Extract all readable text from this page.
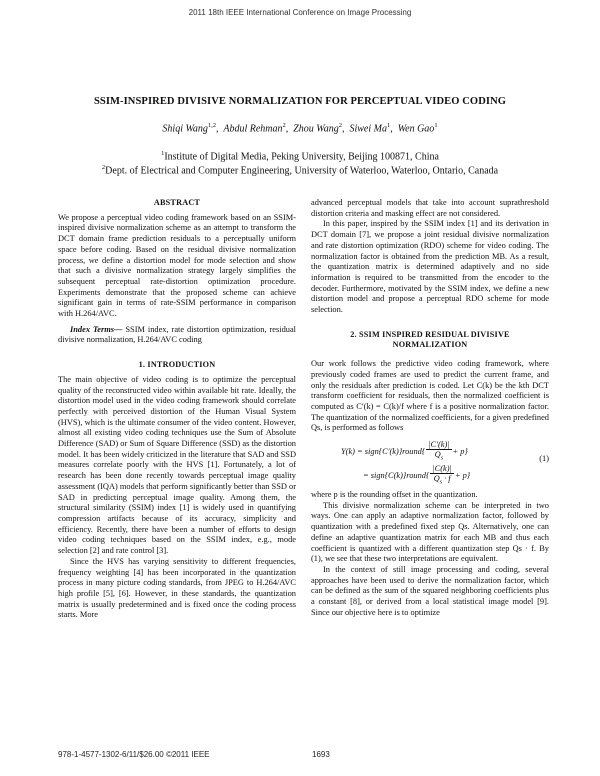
2011 18th IEEE International Conference on Image Processing
SSIM-INSPIRED DIVISIVE NORMALIZATION FOR PERCEPTUAL VIDEO CODING
Shiqi Wang$^{1,2}$,  Abdul Rehman$^2$,  Zhou Wang$^2$,  Siwei Ma$^1$,  Wen Gao$^1$
$^1$Institute of Digital Media, Peking University, Beijing 100871, China
$^2$Dept. of Electrical and Computer Engineering, University of Waterloo, Waterloo, Ontario, Canada
ABSTRACT

We propose a perceptual video coding framework based on an SSIM-inspired divisive normalization scheme as an attempt to transform the DCT domain frame prediction residuals to a perceptually uniform space before coding. Based on the residual divisive normalization process, we define a distortion model for mode selection and show that such a divisive normalization strategy largely simplifies the subsequent perceptual rate-distortion optimization procedure. Experiments demonstrate that the proposed scheme can achieve significant gain in terms of rate-SSIM performance in comparison with H.264/AVC.

Index Terms— SSIM index, rate distortion optimization, residual divisive normalization, H.264/AVC coding

1. INTRODUCTION

The main objective of video coding is to optimize the perceptual quality of the reconstructed video within available bit rate. Ideally, the distortion model used in the video coding framework should correlate perfectly with perceived distortion of the Human Visual System (HVS), which is the ultimate consumer of the video content. However, almost all existing video coding techniques use the Sum of Absolute Difference (SAD) or Sum of Square Difference (SSD) as the distortion model. It has been widely criticized in the literature that SAD and SSD measures correlate poorly with the HVS [1]. Fortunately, a lot of research has been done recently towards perceptual image quality assessment (IQA) models that perform significantly better than SSD or SAD in predicting perceptual image quality. Among them, the structural similarity (SSIM) index [1] is widely used in quantifying compression artifacts because of its accuracy, simplicity and efficiency. Recently, there have been a number of efforts to design video coding techniques based on the SSIM index, e.g., mode selection [2] and rate control [3].

Since the HVS has varying sensitivity to different frequencies, frequency weighting [4] has been incorporated in the quantization process in many picture coding standards, from JPEG to H.264/AVC high profile [5], [6]. However, in these standards, the quantization matrix is usually predetermined and is fixed once the coding process starts. More

advanced perceptual models that take into account suprathreshold distortion criteria and masking effect are not considered.

In this paper, inspired by the SSIM index [1] and its derivation in DCT domain [7], we propose a joint residual divisive normalization and rate distortion optimization (RDO) scheme for video coding. The normalization factor is obtained from the prediction MB. As a result, the quantization matrix is determined adaptively and no side information is required to be transmitted from the encoder to the decoder. Furthermore, motivated by the SSIM index, we define a new distortion model and propose a perceptual RDO scheme for mode selection.

2. SSIM INSPIRED RESIDUAL DIVISIVE
NORMALIZATION

Our work follows the predictive video coding framework, where previously coded frames are used to predict the current frame, and only the residuals after prediction is coded. Let C(k) be the kth DCT transform coefficient for residuals, then the normalized coefficient is computed as C′(k) = C(k)/f where f is a positive normalization factor. The quantization of the normalized coefficients, for a given predefined Qs, is performed as follows

Y(k) = sign{C′(k)}round{ $\frac{|C'(k)|}{Q_s} + p$}
= sign{C(k)}round{ $\frac{|C(k)|}{Q_s \cdot f} + p$}
(1)

where p is the rounding offset in the quantization.

This divisive normalization scheme can be interpreted in two ways. One can apply an adaptive normalization factor, followed by quantization with a predefined fixed step Qs. Alternatively, one can define an adaptive quantization matrix for each MB and thus each coefficient is quantized with a different quantization step Qs · f. By (1), we see that these two interpretations are equivalent.

In the context of still image processing and coding, several approaches have been used to derive the normalization factor, which can be defined as the sum of the squared neighboring coefficients plus a constant [8], or derived from a local statistical image model [9]. Since our objective here is to optimize

978-1-4577-1302-6/11/$26.00 ©2011 IEEE	1693
